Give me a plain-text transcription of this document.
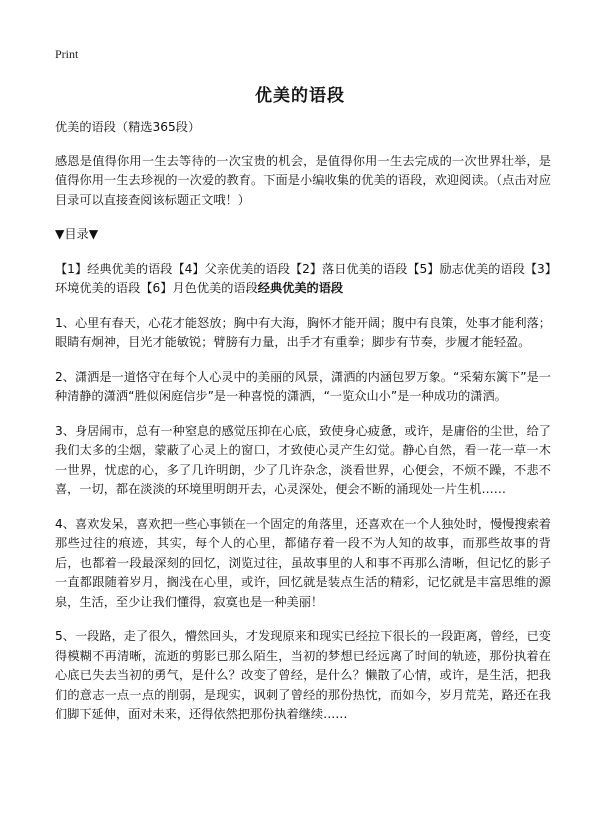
Print
优美的语段

优美的语段（精选365段）

感恩是值得你用一生去等待的一次宝贵的机会，是值得你用一生去完成的一次世界壮举，是值得你用一生去珍视的一次爱的教育。下面是小编收集的优美的语段，欢迎阅读。（点击对应目录可以直接查阅该标题正文哦！）

▼目录▼

【1】经典优美的语段【4】父亲优美的语段【2】落日优美的语段【5】励志优美的语段【3】环境优美的语段【6】月色优美的语段经典优美的语段

1、心里有春天，心花才能怒放；胸中有大海，胸怀才能开阔；腹中有良策，处事才能利落；眼睛有炯神，目光才能敏锐；臂膀有力量，出手才有重拳；脚步有节奏，步履才能轻盈。

2、潇洒是一道恪守在每个人心灵中的美丽的风景，潇洒的内涵包罗万象。“采菊东篱下”是一种清静的潇洒“胜似闲庭信步”是一种喜悦的潇洒，“一览众山小”是一种成功的潇洒。

3、身居闹市，总有一种窒息的感觉压抑在心底，致使身心疲惫，或许，是庸俗的尘世，给了我们太多的尘烟，蒙蔽了心灵上的窗口，才致使心灵产生幻觉。静心自然，看一花一草一木一世界，忧虑的心，多了几许明朗，少了几许杂念，淡看世界，心便会，不烦不躁，不悲不喜，一切，都在淡淡的环境里明朗开去，心灵深处，便会不断的涌现处一片生机……

4、喜欢发呆，喜欢把一些心事锁在一个固定的角落里，还喜欢在一个人独处时，慢慢搜索着那些过往的痕迹，其实，每个人的心里，都储存着一段不为人知的故事，而那些故事的背后，也都着一段最深刻的回忆，浏览过往，虽故事里的人和事不再那么清晰，但记忆的影子一直都跟随着岁月，搁浅在心里，或许，回忆就是装点生活的精彩，记忆就是丰富思维的源泉，生活，至少让我们懂得，寂寞也是一种美丽！

5、一段路，走了很久，懵然回头，才发现原来和现实已经拉下很长的一段距离，曾经，已变得模糊不再清晰，流逝的剪影已那么陌生，当初的梦想已经远离了时间的轨迹，那份执着在心底已失去当初的勇气，是什么？改变了曾经，是什么？懒散了心情，或许，是生活，把我们的意志一点一点的削弱，是现实，讽刺了曾经的那份热忱，而如今，岁月荒芜，路还在我们脚下延伸，面对未来，还得依然把那份执着继续……
